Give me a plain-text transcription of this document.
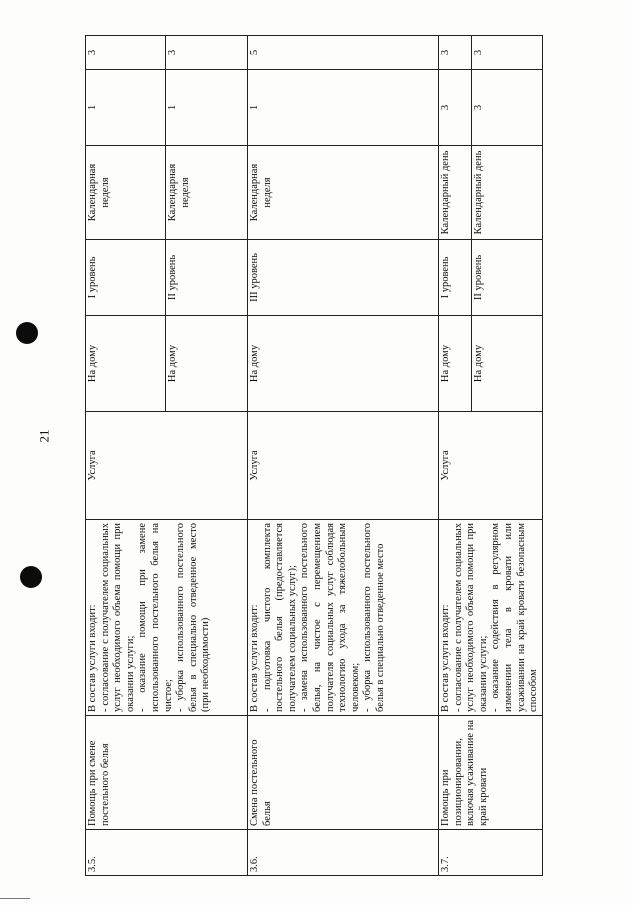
21
3.5.	Помощь при смене постельного белья	В состав услуги входит: - согласование с получателем социальных услуг необходимого объема помощи при оказании услуги; - оказание помощи при замене использованного постельного белья на чистое; - уборка использованного постельного белья в специально отведенное место (при необходимости)	Услуга	На дому	I уровень	Календарная неделя	1	3
				На дому	II уровень	Календарная неделя	1	3
3.6.	Смена постельного белья	В состав услуги входит: - подготовка чистого комплекта постельного белья (предоставляется получателем социальных услуг); - замена использованного постельного белья, на чистое с перемещением получателя социальных услуг соблюдая технологию ухода за тяжелобольным человеком; - уборка использованного постельного белья в специально отведенное место	Услуга	На дому	III уровень	Календарная неделя	1	5
3.7.	Помощь при позиционировании, включая усаживание на край кровати	В состав услуги входит: - согласование с получателем социальных услуг необходимого объема помощи при оказании услуги; - оказание содействия в регулярном изменении тела в кровати или усаживании на край кровати безопасным способом	Услуга	На дому	I уровень	Календарный день	3	3
				На дому	II уровень	Календарный день	3	3
